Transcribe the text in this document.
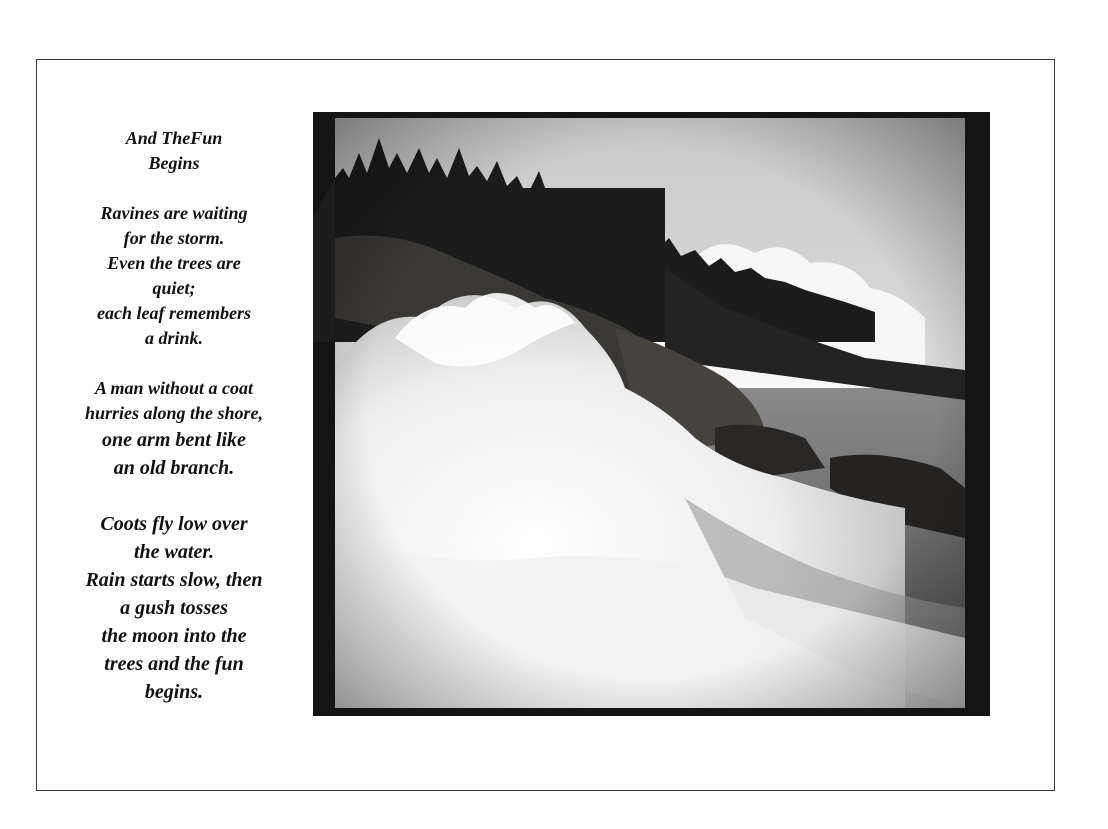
And TheFun
Begins

Ravines are waiting
for the storm.
Even the trees are
quiet;
each leaf remembers
a drink.

A man without a coat
hurries along the shore,

one arm bent like
an old branch.

Coots fly low over
the water.
Rain starts slow, then
a gush tosses
the moon into the
trees and the fun
begins.
